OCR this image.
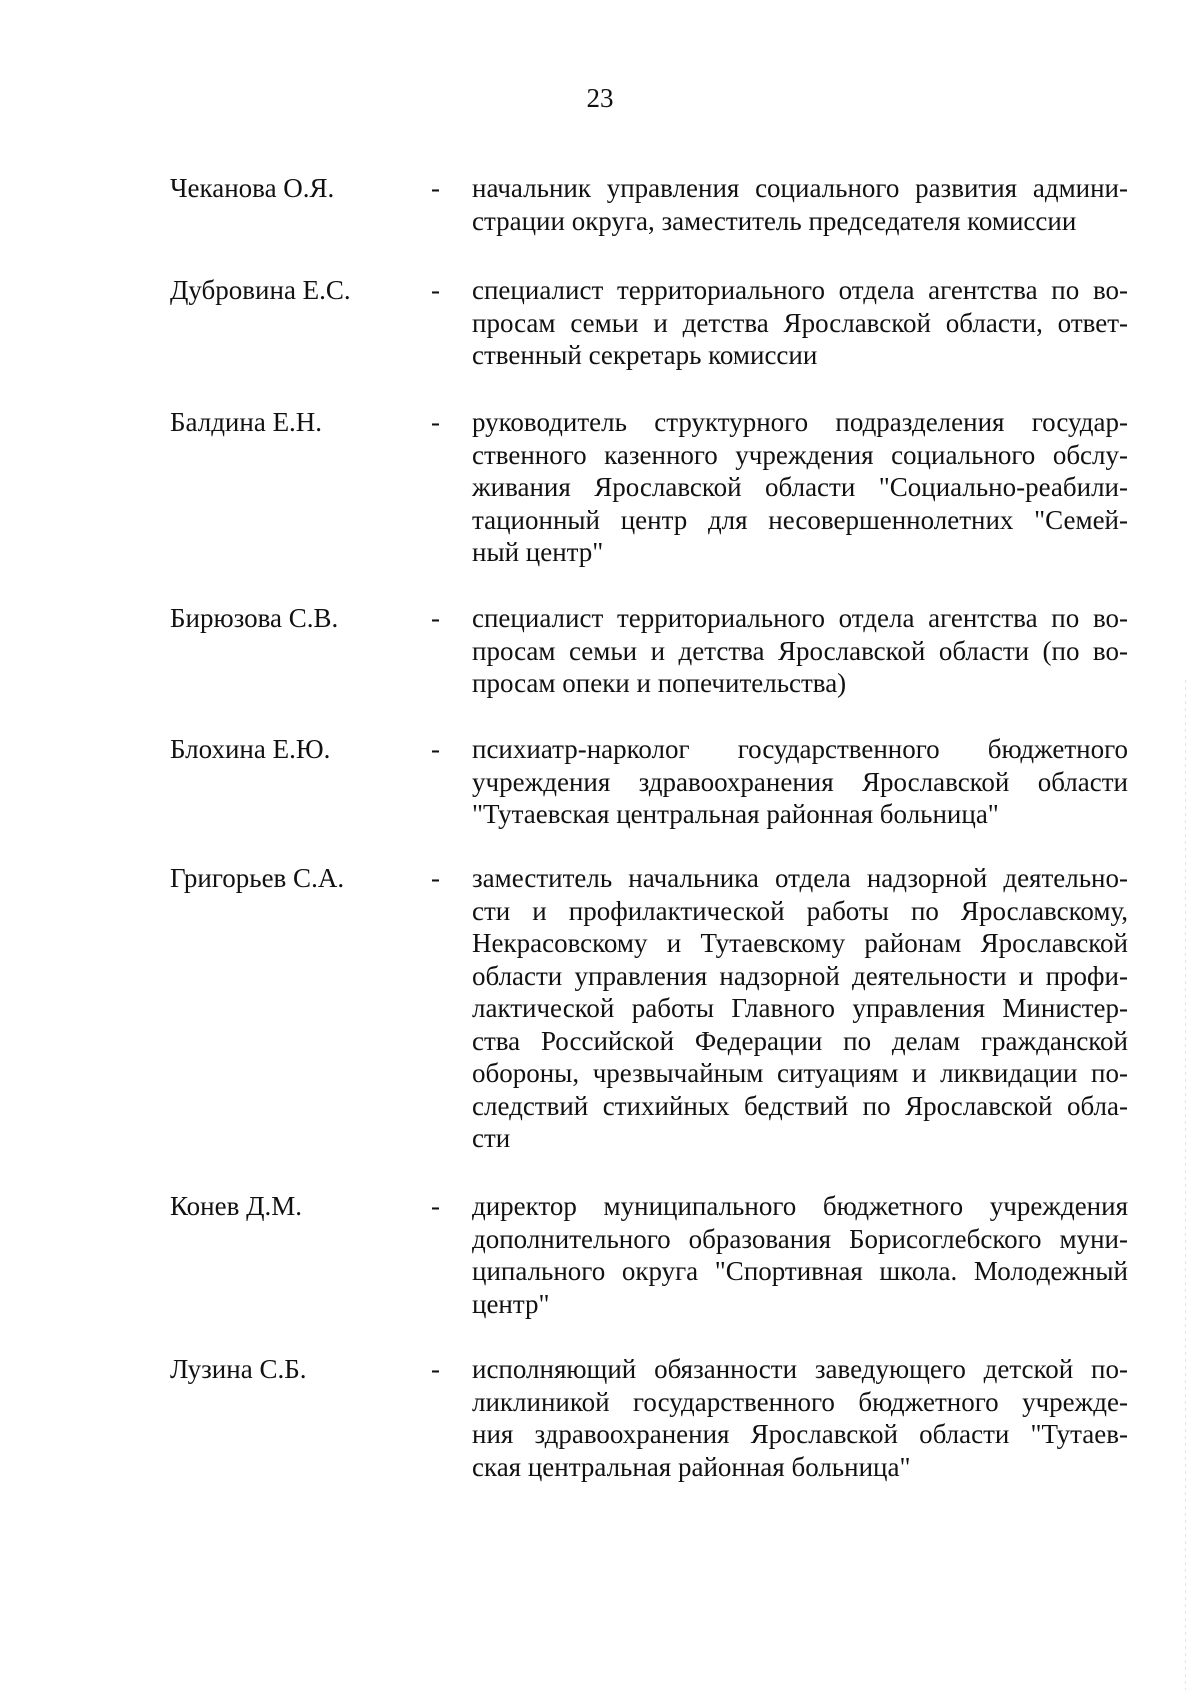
23
Чеканова О.Я.	- начальник управления социального развития админи-
страции округа, заместитель председателя комиссии

Дубровина Е.С.	- специалист территориального отдела агентства по во-
просам семьи и детства Ярославской области, ответ-
ственный секретарь комиссии

Балдина Е.Н.	- руководитель структурного подразделения государ-
ственного казенного учреждения социального обслу-
живания Ярославской области "Социально-реабили-
тационный центр для несовершеннолетних "Семей-
ный центр"

Бирюзова С.В.	- специалист территориального отдела агентства по во-
просам семьи и детства Ярославской области (по во-
просам опеки и попечительства)

Блохина Е.Ю.	- психиатр-нарколог государственного бюджетного
учреждения здравоохранения Ярославской области
"Тутаевская центральная районная больница"

Григорьев С.А.	- заместитель начальника отдела надзорной деятельно-
сти и профилактической работы по Ярославскому,
Некрасовскому и Тутаевскому районам Ярославской
области управления надзорной деятельности и профи-
лактической работы Главного управления Министер-
ства Российской Федерации по делам гражданской
обороны, чрезвычайным ситуациям и ликвидации по-
следствий стихийных бедствий по Ярославской обла-
сти

Конев Д.М.	- директор муниципального бюджетного учреждения
дополнительного образования Борисоглебского муни-
ципального округа "Спортивная школа. Молодежный
центр"

Лузина С.Б.	- исполняющий обязанности заведующего детской по-
ликлиникой государственного бюджетного учрежде-
ния здравоохранения Ярославской области "Тутаев-
ская центральная районная больница"
